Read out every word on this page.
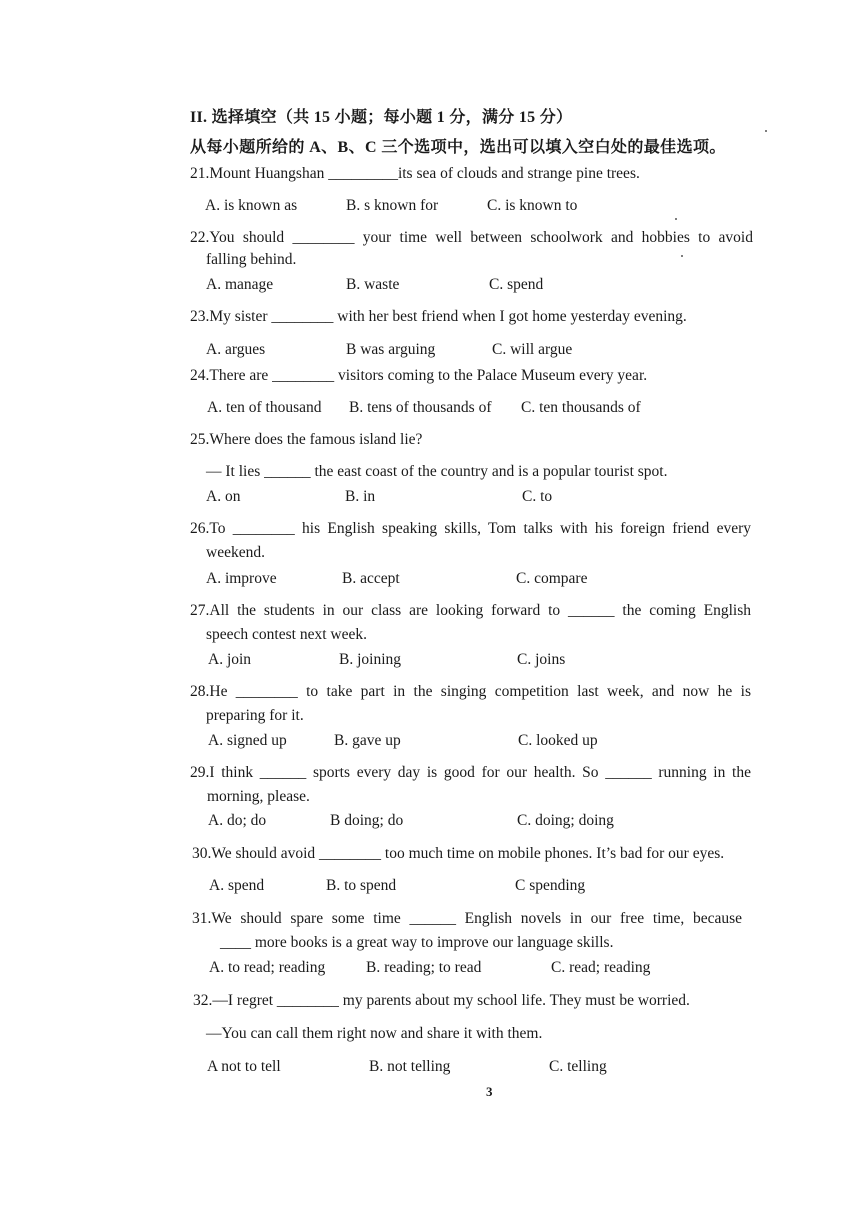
II. 选择填空（共 15 小题；每小题 1 分，满分 15 分）
从每小题所给的 A、B、C 三个选项中，选出可以填入空白处的最佳选项。
21.Mount Huangshan _________its sea of clouds and strange pine trees.
A. is known as	B. s known for	C. is known to
22.You should ________ your time well between schoolwork and hobbies to avoid
falling behind.
A. manage	B. waste	C. spend
23.My sister ________ with her best friend when I got home yesterday evening.
A. argues	B was arguing	C. will argue
24.There are ________ visitors coming to the Palace Museum every year.
A. ten of thousand B. tens of thousands of C. ten thousands of
25.Where does the famous island lie?
— It lies ______ the east coast of the country and is a popular tourist spot.
A. on	B. in	C. to
26.To ________ his English speaking skills, Tom talks with his foreign friend every
weekend.
A. improve	B. accept	C. compare
27.All the students in our class are looking forward to ______ the coming English
speech contest next week.
A. join	B. joining	C. joins
28.He ________ to take part in the singing competition last week, and now he is
preparing for it.
A. signed up	B. gave up	C. looked up
29.I think ______ sports every day is good for our health. So ______ running in the
morning, please.
A. do; do	B doing; do	C. doing; doing
30.We should avoid ________ too much time on mobile phones. It’s bad for our eyes.
A. spend	B. to spend	C spending
31.We should spare some time ______ English novels in our free time, because
____ more books is a great way to improve our language skills.
A. to read; reading	B. reading; to read	C. read; reading
32.—I regret ________ my parents about my school life. They must be worried.
—You can call them right now and share it with them.
A not to tell	B. not telling	C. telling
3
